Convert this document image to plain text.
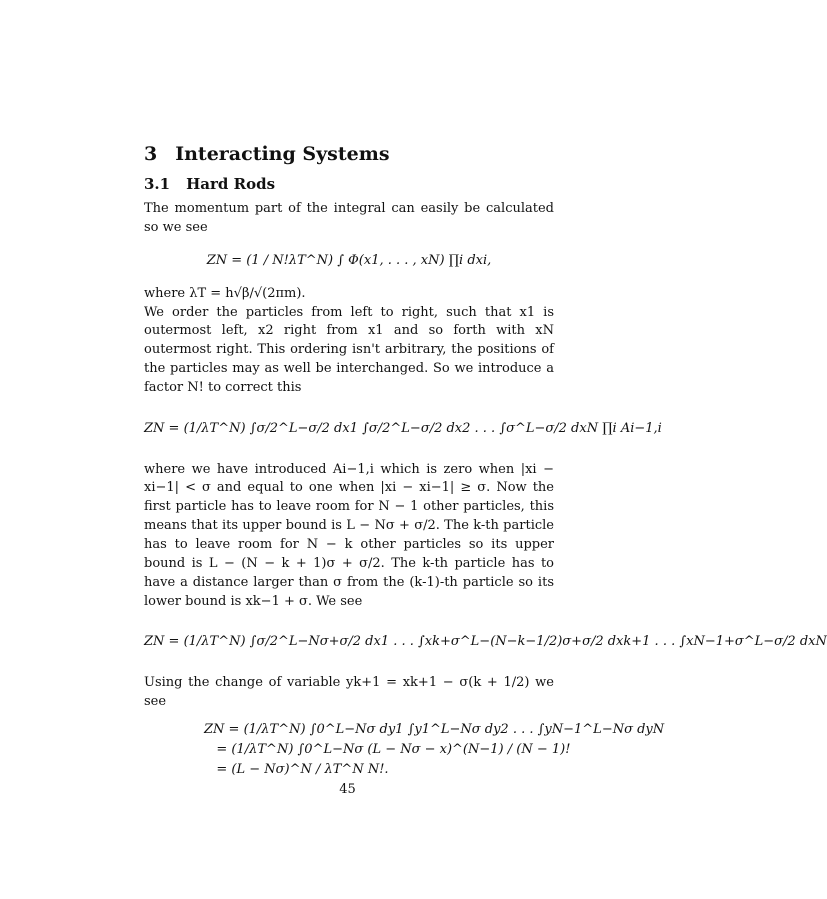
3 Interacting Systems
3.1 Hard Rods

The momentum part of the integral can easily be calculated so we see

ZN = (1 / N!λT^N) ∫ Φ(x1, . . . , xN) ∏i dxi,

where λT = h√β/√(2πm).

We order the particles from left to right, such that x1 is outermost left, x2 right from x1 and so forth with xN outermost right. This ordering isn't arbitrary, the positions of the particles may as well be interchanged. So we introduce a factor N! to correct this

ZN = (1/λT^N) ∫σ/2^L−σ/2 dx1 ∫σ/2^L−σ/2 dx2 . . . ∫σ^L−σ/2 dxN ∏i Ai−1,i

where we have introduced Ai−1,i which is zero when |xi − xi−1| < σ and equal to one when |xi − xi−1| ≥ σ. Now the first particle has to leave room for N − 1 other particles, this means that its upper bound is L − Nσ + σ/2. The k-th particle has to leave room for N − k other particles so its upper bound is L − (N − k + 1)σ + σ/2. The k-th particle has to have a distance larger than σ from the (k-1)-th particle so its lower bound is xk−1 + σ. We see

ZN = (1/λT^N) ∫σ/2^L−Nσ+σ/2 dx1 . . . ∫xk+σ^L−(N−k−1/2)σ+σ/2 dxk+1 . . . ∫xN−1+σ^L−σ/2 dxN

Using the change of variable yk+1 = xk+1 − σ(k + 1/2) we see

ZN = (1/λT^N) ∫0^L−Nσ dy1 ∫y1^L−Nσ dy2 . . . ∫yN−1^L−Nσ dyN
= (1/λT^N) ∫0^L−Nσ (L − Nσ − x)^(N−1) / (N − 1)!
= (L − Nσ)^N / λT^N N!.
45
